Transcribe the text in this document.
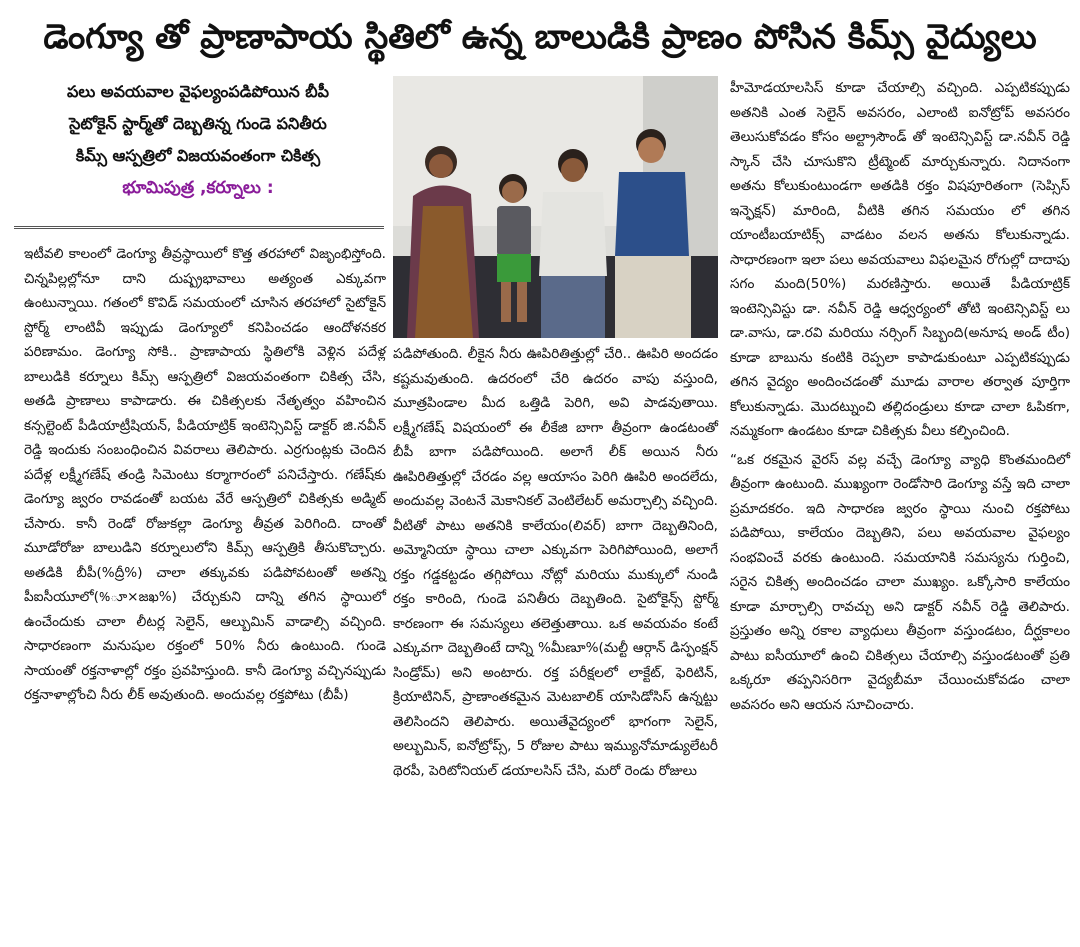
డెంగ్యూ తో ప్రాణాపాయ స్థితిలో ఉన్న బాలుడికి ప్రాణం పోసిన కిమ్స్ వైద్యులు
పలు అవయవాల వైఫల్యంపడిపోయిన బీపీ
సైటోకైన్ స్టార్మ్‌తో దెబ్బతిన్న గుండె పనితీరు
కిమ్స్ ఆస్పత్రిలో విజయవంతంగా చికిత్స
భూమిపుత్ర ,కర్నూలు :

ఇటీవలి కాలంలో డెంగ్యూ తీవ్రస్థాయిలో కొత్త తరహాలో విజృంభిస్తోంది. చిన్నపిల్లల్లోనూ దాని దుష్ప్రభావాలు అత్యంత ఎక్కువగా ఉంటున్నాయి. గతంలో కొవిడ్ సమయంలో చూసిన తరహాలో సైటోకైన్ స్టోర్మ్ లాంటివీ ఇప్పుడు డెంగ్యూలో కనిపించడం ఆందోళనకర పరిణామం. డెంగ్యూ సోకి.. ప్రాణాపాయ స్థితిలోకి వెళ్లిన పదేళ్ల బాలుడికి కర్నూలు కిమ్స్ ఆస్పత్రిలో విజయవంతంగా చికిత్స చేసి, అతడి ప్రాణాలు కాపాడారు. ఈ చికిత్సలకు నేతృత్వం వహించిన కన్సల్టెంట్ పీడియాట్రీషియన్, పీడియాట్రిక్ ఇంటెన్సివిస్ట్ డాక్టర్ జి.నవీన్ రెడ్డి ఇందుకు సంబంధించిన వివరాలు తెలిపారు. ఎర్రగుంట్లకు చెందిన పదేళ్ల లక్ష్మీగణేష్ తండ్రి సిమెంటు కర్మాగారంలో పనిచేస్తారు. గణేష్‌కు డెంగ్యూ జ్వరం రావడంతో బయట వేరే ఆస్పత్రిలో చికిత్సకు అడ్మిట్ చేసారు. కానీ రెండో రోజుకల్లా డెంగ్యూ తీవ్రత పెరిగింది. దాంతో మూడోరోజు బాలుడిని కర్నూలులోని కిమ్స్ ఆస్పత్రికి తీసుకొచ్చారు. అతడికి బీపీ(%ద్రీ%) చాలా తక్కువకు పడిపోవటంతో అతన్ని పీఐసీయూలో(%ూ×జఖ%) చేర్చుకుని దాన్ని తగిన స్థాయిలో ఉంచేందుకు చాలా లీటర్ల సెలైన్, ఆల్బుమిన్ వాడాల్సి వచ్చింది. సాధారణంగా మనుషుల రక్తంలో 50% నీరు ఉంటుంది. గుండె సాయంతో రక్తనాళాల్లో రక్తం ప్రవహిస్తుంది. కానీ డెంగ్యూ వచ్చినప్పుడు రక్తనాళాల్లోంచి నీరు లీక్ అవుతుంది. అందువల్ల రక్తపోటు (బీపీ)

పడిపోతుంది. లీకైన నీరు ఊపిరితిత్తుల్లో చేరి.. ఊపిరి అందడం కష్టమవుతుంది. ఉదరంలో చేరి ఉదరం వాపు వస్తుంది, మూత్రపిండాల మీద ఒత్తిడి పెరిగి, అవి పాడవుతాయి. లక్ష్మీగణేష్ విషయంలో ఈ లీకేజి బాగా తీవ్రంగా ఉండటంతో బీపీ బాగా పడిపోయింది. అలాగే లీక్ అయిన నీరు ఊపిరితిత్తుల్లో చేరడం వల్ల ఆయాసం పెరిగి ఊపిరి అందలేదు, అందువల్ల వెంటనే మెకానికల్ వెంటిలేటర్ అమర్చాల్సి వచ్చింది. వీటితో పాటు అతనికి కాలేయం(లివర్) బాగా దెబ్బతినింది, అమ్మోనియా స్థాయి చాలా ఎక్కువగా పెరిగిపోయింది, అలాగే రక్తం గడ్డకట్టడం తగ్గిపోయి నోట్లో మరియు ముక్కులో నుండి రక్తం కారింది, గుండె పనితీరు దెబ్బతింది. సైటోకైన్స్ స్టోర్మ్ కారణంగా ఈ సమస్యలు తలెత్తుతాయి. ఒక అవయవం కంటే ఎక్కువగా దెబ్బతింటే దాన్ని %మీణూ%(మల్టీ ఆర్గాన్ డిస్ఫంక్షన్ సిండ్రోమ్) అని అంటారు. రక్త పరీక్షలలో లాక్టేట్, ఫెరిటిన్, క్రియాటినిన్, ప్రాణాంతకమైన మెటబాలిక్ యాసిడోసిస్ ఉన్నట్టు తెలిసిందని తెలిపారు. అయితేవైద్యంలో భాగంగా సెలైన్, అల్బుమిన్, ఐనోట్రోప్స్, 5 రోజుల పాటు ఇమ్యునోమాడ్యులేటరీ థెరపీ, పెరిటోనియల్ డయాలసిస్ చేసి, మరో రెండు రోజులు

హీమోడయాలసిస్ కూడా చేయాల్సి వచ్చింది. ఎప్పటికప్పుడు అతనికి ఎంత సెలైన్ అవసరం, ఎలాంటి ఐనోట్రోప్ అవసరం తెలుసుకోవడం కోసం అల్ట్రాసౌండ్ తో ఇంటెన్సివిస్ట్ డా.నవీన్ రెడ్డి స్కాన్ చేసి చూసుకొని ట్రీట్మెంట్ మార్చుకున్నారు. నిదానంగా అతను కోలుకుంటుండగా అతడికి రక్తం విషపూరితంగా (సెప్సిస్ ఇన్ఫెక్షన్) మారింది, వీటికి తగిన సమయం లో తగిన యాంటీబయాటిక్స్ వాడటం వలన అతను కోలుకున్నాడు. సాధారణంగా ఇలా పలు అవయవాలు విఫలమైన రోగుల్లో దాదాపు సగం మంది(50%) మరణిస్తారు. అయితే పీడియాట్రిక్ ఇంటెన్సివిస్టు డా. నవీన్ రెడ్డి ఆధ్వర్యంలో తోటి ఇంటెన్సివిస్ట్ లు డా.వాసు, డా.రవి మరియు నర్సింగ్ సిబ్బంది(అనూష అండ్ టీం) కూడా బాబును కంటికి రెప్పలా కాపాడుకుంటూ ఎప్పటికప్పుడు తగిన వైద్యం అందించడంతో మూడు వారాల తర్వాత పూర్తిగా కోలుకున్నాడు. మొదట్నుంచి తల్లిదండ్రులు కూడా చాలా ఓపికగా, నమ్మకంగా ఉండటం కూడా చికిత్సకు వీలు కల్పించింది.

“ఒక రకమైన వైరస్ వల్ల వచ్చే డెంగ్యూ వ్యాధి కొంతమందిలో తీవ్రంగా ఉంటుంది. ముఖ్యంగా రెండోసారి డెంగ్యూ వస్తే ఇది చాలా ప్రమాదకరం. ఇది సాధారణ జ్వరం స్థాయి నుంచి రక్తపోటు పడిపోయి, కాలేయం దెబ్బతిని, పలు అవయవాల వైఫల్యం సంభవించే వరకు ఉంటుంది. సమయానికి సమస్యను గుర్తించి, సరైన చికిత్స అందించడం చాలా ముఖ్యం. ఒక్కోసారి కాలేయం కూడా మార్చాల్సి రావచ్చు అని డాక్టర్ నవీన్ రెడ్డి తెలిపారు. ప్రస్తుతం అన్ని రకాల వ్యాధులు తీవ్రంగా వస్తుండటం, దీర్ఘకాలం పాటు ఐసీయూలో ఉంచి చికిత్సలు చేయాల్సి వస్తుండటంతో ప్రతి ఒక్కరూ తప్పనిసరిగా వైద్యబీమా చేయించుకోవడం చాలా అవసరం అని ఆయన సూచించారు.
